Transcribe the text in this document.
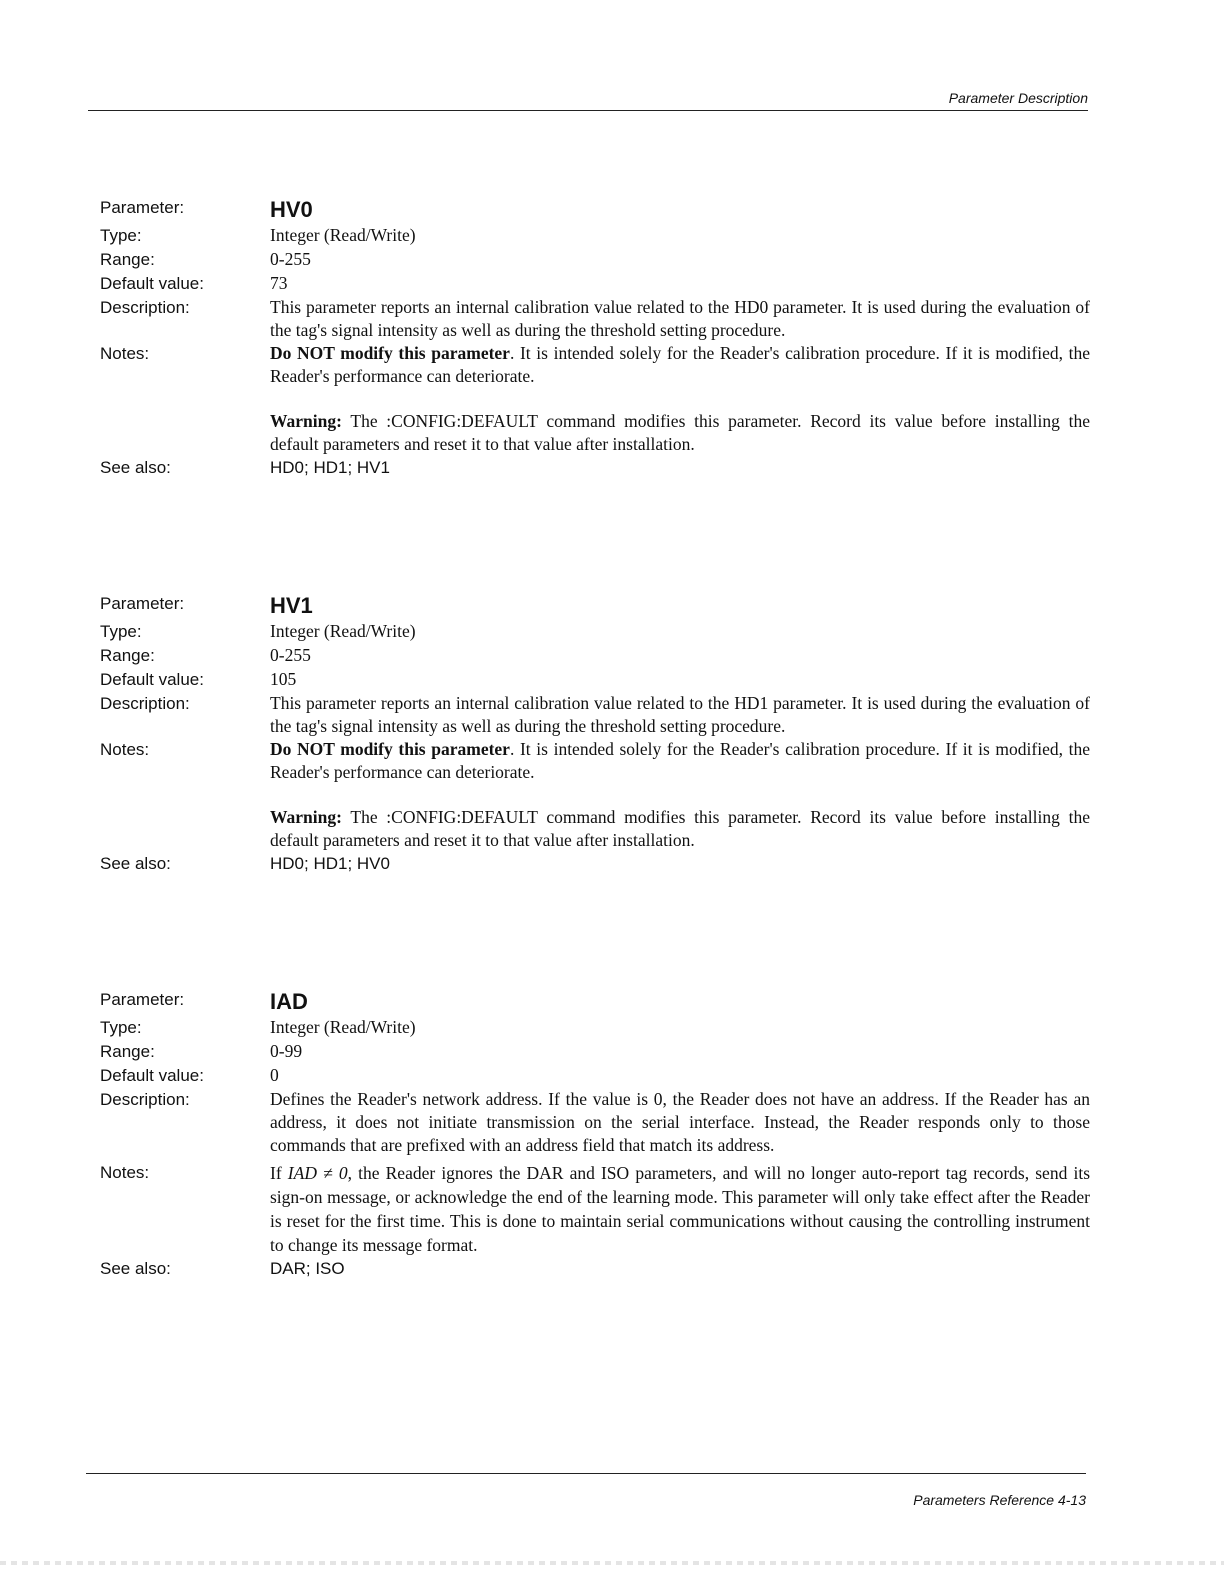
Parameter Description
Parameter:	HV0
Type:	Integer (Read/Write)
Range:	0-255
Default value:	73
Description:	This parameter reports an internal calibration value related to the HD0 parameter. It is used during the evaluation of the tag's signal intensity as well as during the threshold setting procedure.
Notes:	Do NOT modify this parameter. It is intended solely for the Reader's calibration procedure. If it is modified, the Reader's performance can deteriorate.
Warning: The :CONFIG:DEFAULT command modifies this parameter. Record its value before installing the default parameters and reset it to that value after installation.
See also:	HD0; HD1; HV1
Parameter:	HV1
Type:	Integer (Read/Write)
Range:	0-255
Default value:	105
Description:	This parameter reports an internal calibration value related to the HD1 parameter. It is used during the evaluation of the tag's signal intensity as well as during the threshold setting procedure.
Notes:	Do NOT modify this parameter. It is intended solely for the Reader's calibration procedure. If it is modified, the Reader's performance can deteriorate.
Warning: The :CONFIG:DEFAULT command modifies this parameter. Record its value before installing the default parameters and reset it to that value after installation.
See also:	HD0; HD1; HV0
Parameter:	IAD
Type:	Integer (Read/Write)
Range:	0-99
Default value:	0
Description:	Defines the Reader's network address. If the value is 0, the Reader does not have an address. If the Reader has an address, it does not initiate transmission on the serial interface. Instead, the Reader responds only to those commands that are prefixed with an address field that match its address.
Notes:	If IAD ≠ 0, the Reader ignores the DAR and ISO parameters, and will no longer auto-report tag records, send its sign-on message, or acknowledge the end of the learning mode. This parameter will only take effect after the Reader is reset for the first time. This is done to maintain serial communications without causing the controlling instrument to change its message format.
See also:	DAR; ISO
Parameters Reference 4-13
